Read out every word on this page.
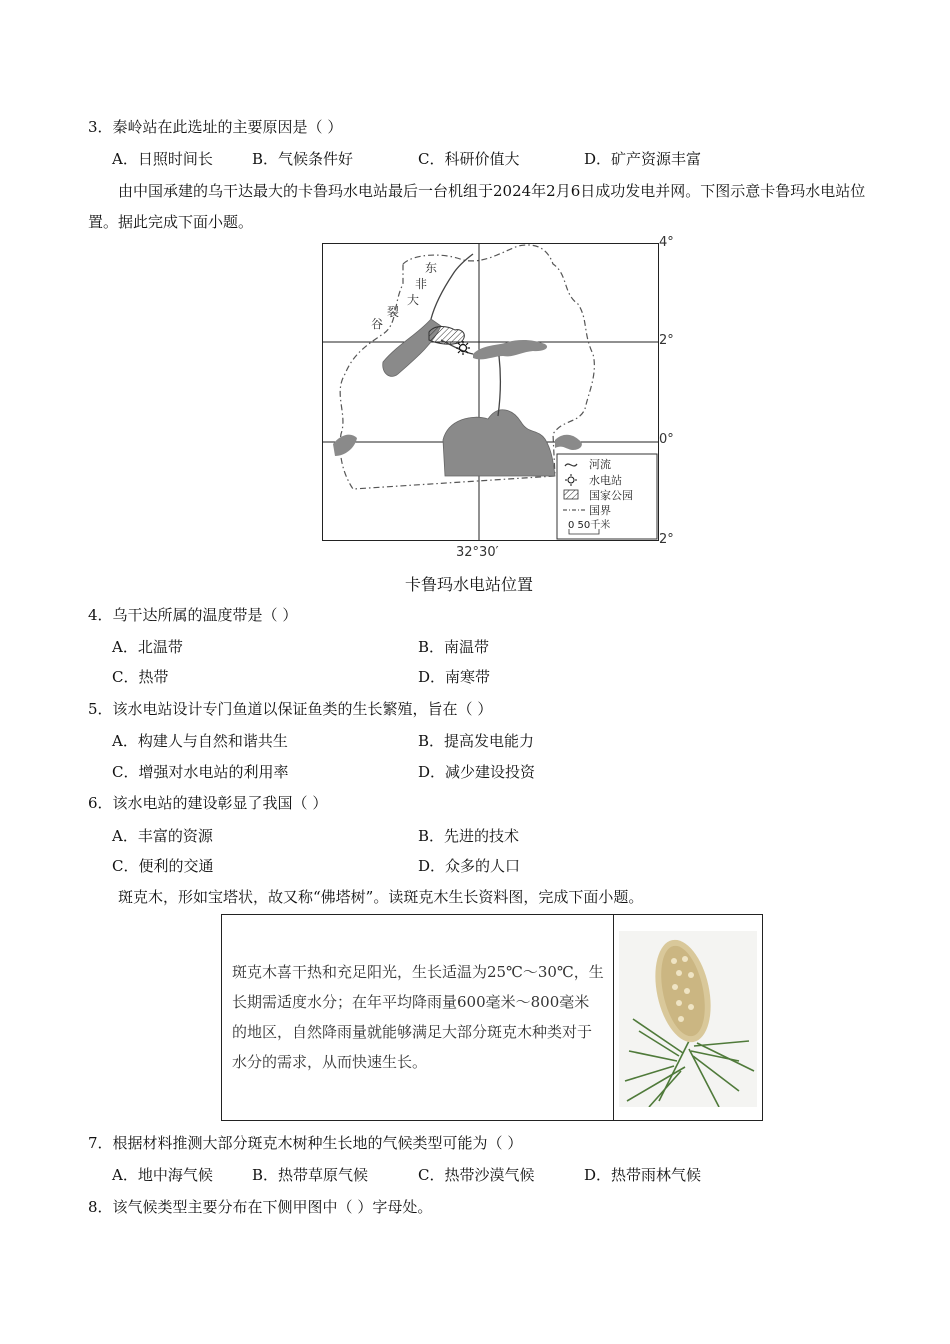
3．秦岭站在此选址的主要原因是（ ）
A．日照时间长	B．气候条件好	C．科研价值大	D．矿产资源丰富
由中国承建的乌干达最大的卡鲁玛水电站最后一台机组于2024年2月6日成功发电并网。下图示意卡鲁玛水电站位置。据此完成下面小题。
东
非
大
裂
谷
河流
水电站
国家公园
国界
0 50千米
4°
2°
0°
2°
32°30′
卡鲁玛水电站位置
4．乌干达所属的温度带是（ ）
A．北温带	B．南温带
C．热带	D．南寒带
5．该水电站设计专门鱼道以保证鱼类的生长繁殖，旨在（ ）
A．构建人与自然和谐共生	B．提高发电能力
C．增强对水电站的利用率	D．减少建设投资
6．该水电站的建设彰显了我国（ ）
A．丰富的资源	B．先进的技术
C．便利的交通	D．众多的人口
斑克木，形如宝塔状，故又称“佛塔树”。读斑克木生长资料图，完成下面小题。
斑克木喜干热和充足阳光，生长适温为25℃～30℃，生长期需适度水分；在年平均降雨量600毫米～800毫米的地区，自然降雨量就能够满足大部分斑克木种类对于水分的需求，从而快速生长。
7．根据材料推测大部分斑克木树种生长地的气候类型可能为（ ）
A．地中海气候	B．热带草原气候	C．热带沙漠气候	D．热带雨林气候
8．该气候类型主要分布在下侧甲图中（ ）字母处。
